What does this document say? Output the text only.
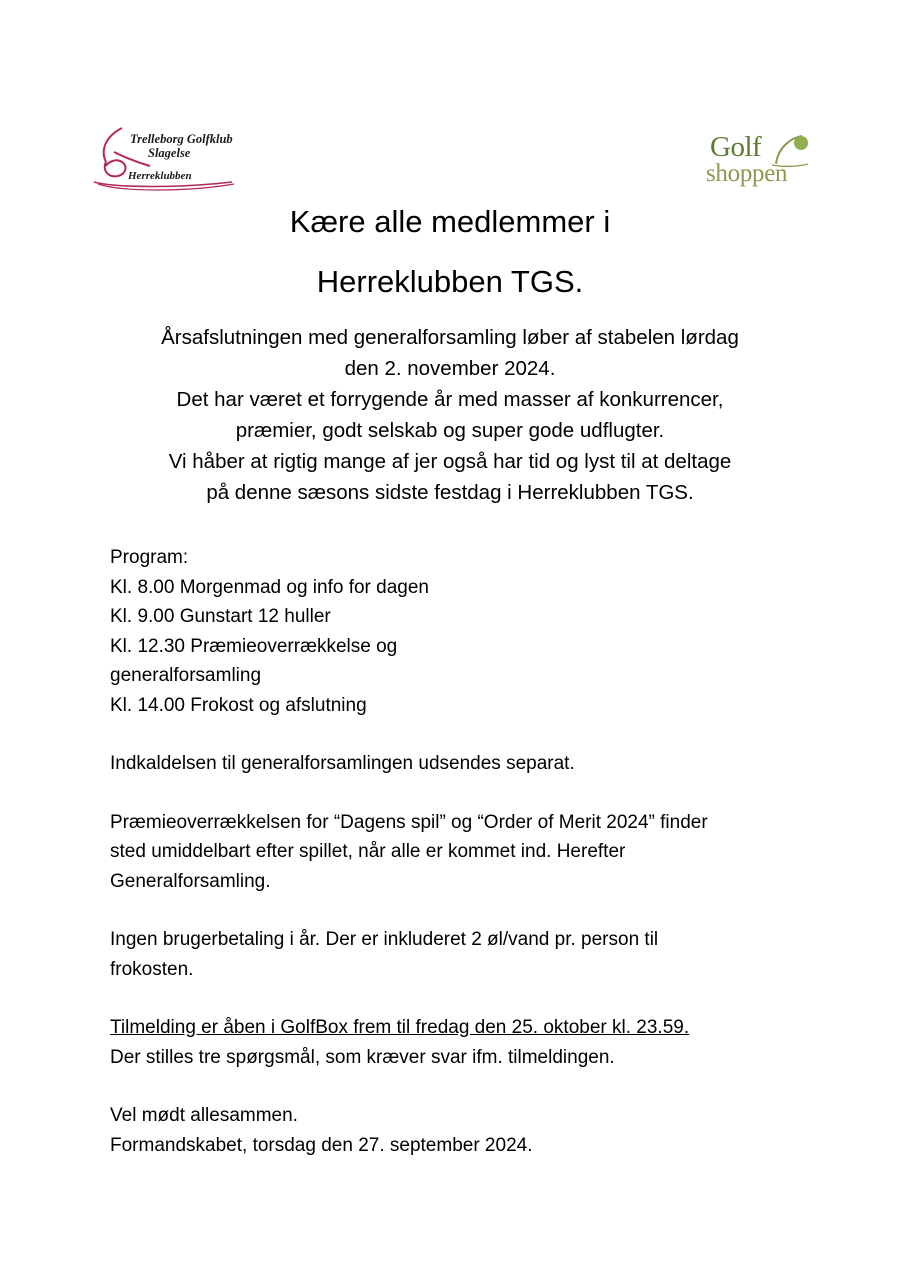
Trelleborg Golfklub
Slagelse
Herreklubben
Golf
shoppen
Kære alle medlemmer i
Herreklubben TGS.
Årsafslutningen med generalforsamling løber af stabelen lørdag
den 2. november 2024.
Det har været et forrygende år med masser af konkurrencer,
præmier, godt selskab og super gode udflugter.
Vi håber at rigtig mange af jer også har tid og lyst til at deltage
på denne sæsons sidste festdag i Herreklubben TGS.

Program:

Kl. 8.00 Morgenmad og info for dagen

Kl. 9.00 Gunstart 12 huller

Kl. 12.30 Præmieoverrækkelse og

generalforsamling

Kl. 14.00 Frokost og afslutning

Indkaldelsen til generalforsamlingen udsendes separat.

Præmieoverrækkelsen for “Dagens spil” og “Order of Merit 2024” finder

sted umiddelbart efter spillet, når alle er kommet ind. Herefter

Generalforsamling.

Ingen brugerbetaling i år. Der er inkluderet 2 øl/vand pr. person til

frokosten.

Tilmelding er åben i GolfBox frem til fredag den 25. oktober kl. 23.59.

Der stilles tre spørgsmål, som kræver svar ifm. tilmeldingen.

Vel mødt allesammen.

Formandskabet, torsdag den 27. september 2024.
